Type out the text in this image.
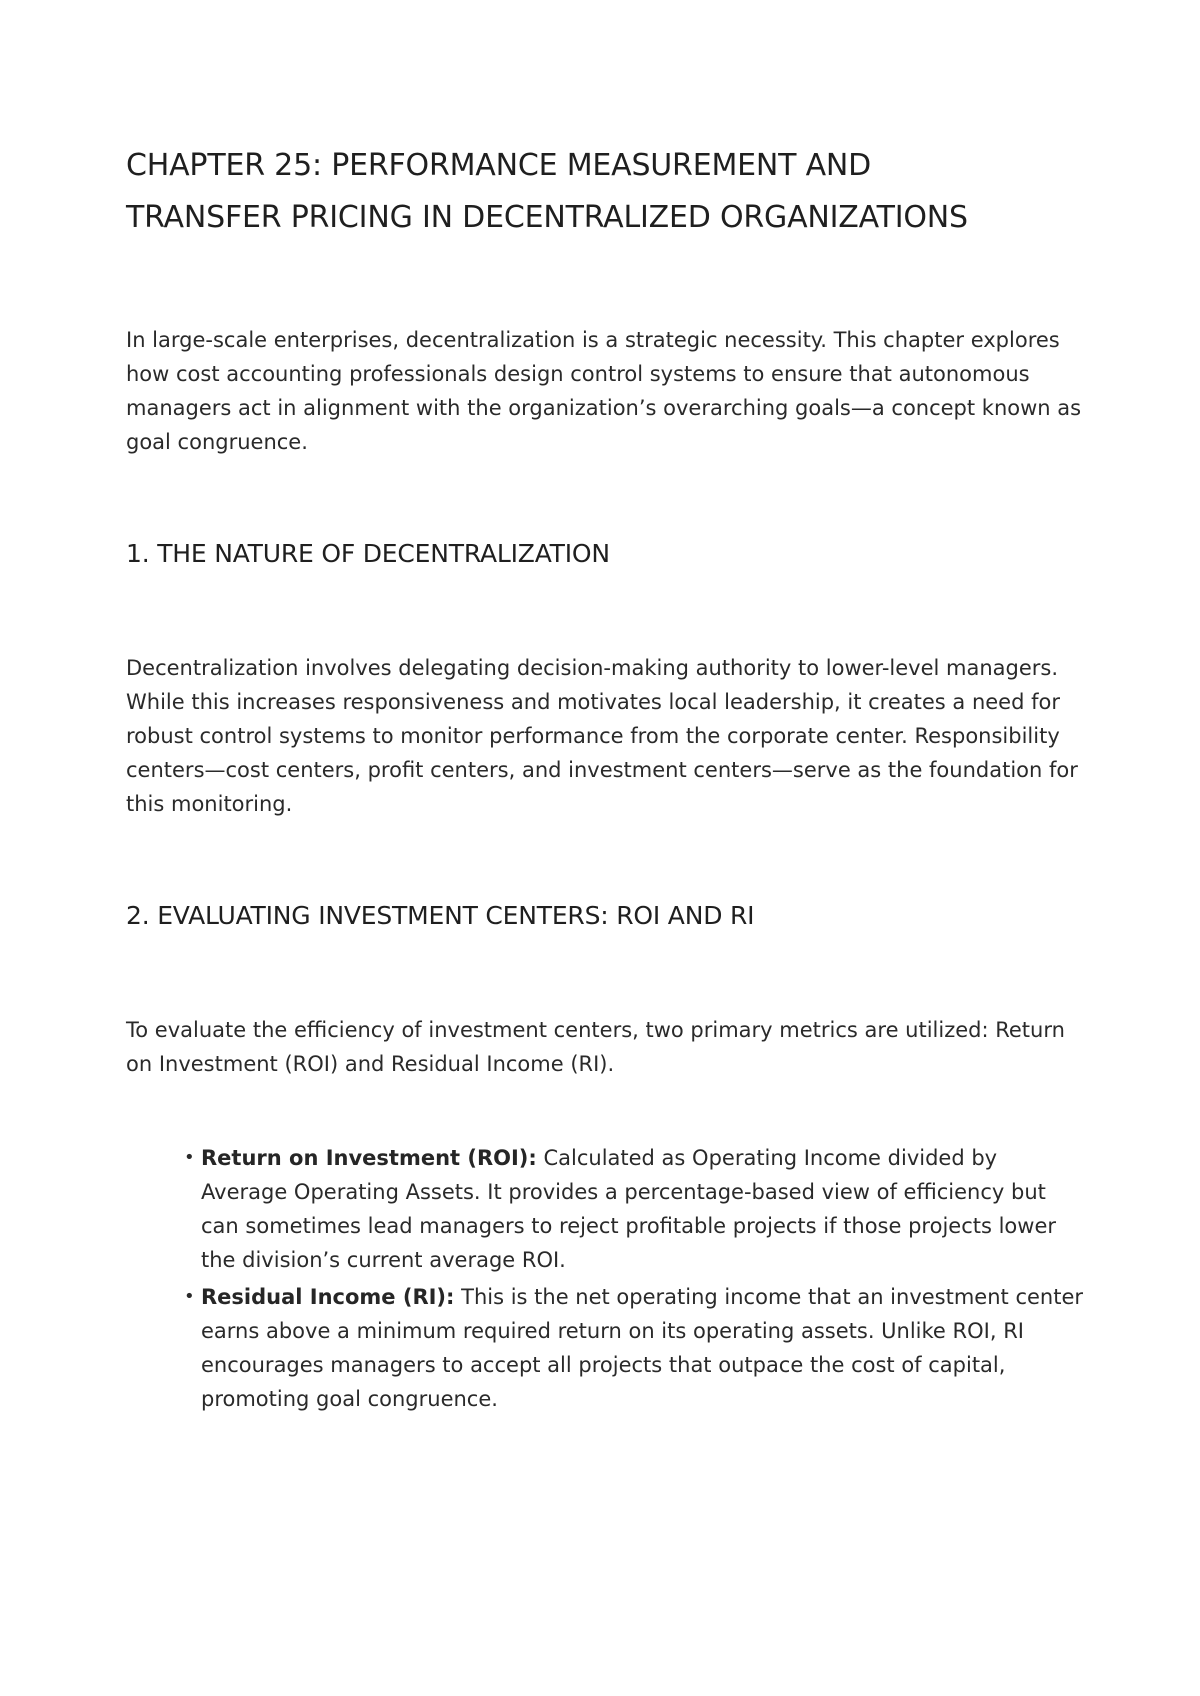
CHAPTER 25: PERFORMANCE MEASUREMENT AND TRANSFER PRICING IN DECENTRALIZED ORGANIZATIONS

In large-scale enterprises, decentralization is a strategic necessity. This chapter explores how cost accounting professionals design control systems to ensure that autonomous managers act in alignment with the organization’s overarching goals—a concept known as goal congruence.

1. THE NATURE OF DECENTRALIZATION

Decentralization involves delegating decision-making authority to lower-level managers. While this increases responsiveness and motivates local leadership, it creates a need for robust control systems to monitor performance from the corporate center. Responsibility centers—cost centers, profit centers, and investment centers—serve as the foundation for this monitoring.

2. EVALUATING INVESTMENT CENTERS: ROI AND RI

To evaluate the efficiency of investment centers, two primary metrics are utilized: Return on Investment (ROI) and Residual Income (RI).

• Return on Investment (ROI): Calculated as Operating Income divided by Average Operating Assets. It provides a percentage-based view of efficiency but can sometimes lead managers to reject profitable projects if those projects lower the division’s current average ROI.
• Residual Income (RI): This is the net operating income that an investment center earns above a minimum required return on its operating assets. Unlike ROI, RI encourages managers to accept all projects that outpace the cost of capital, promoting goal congruence.
